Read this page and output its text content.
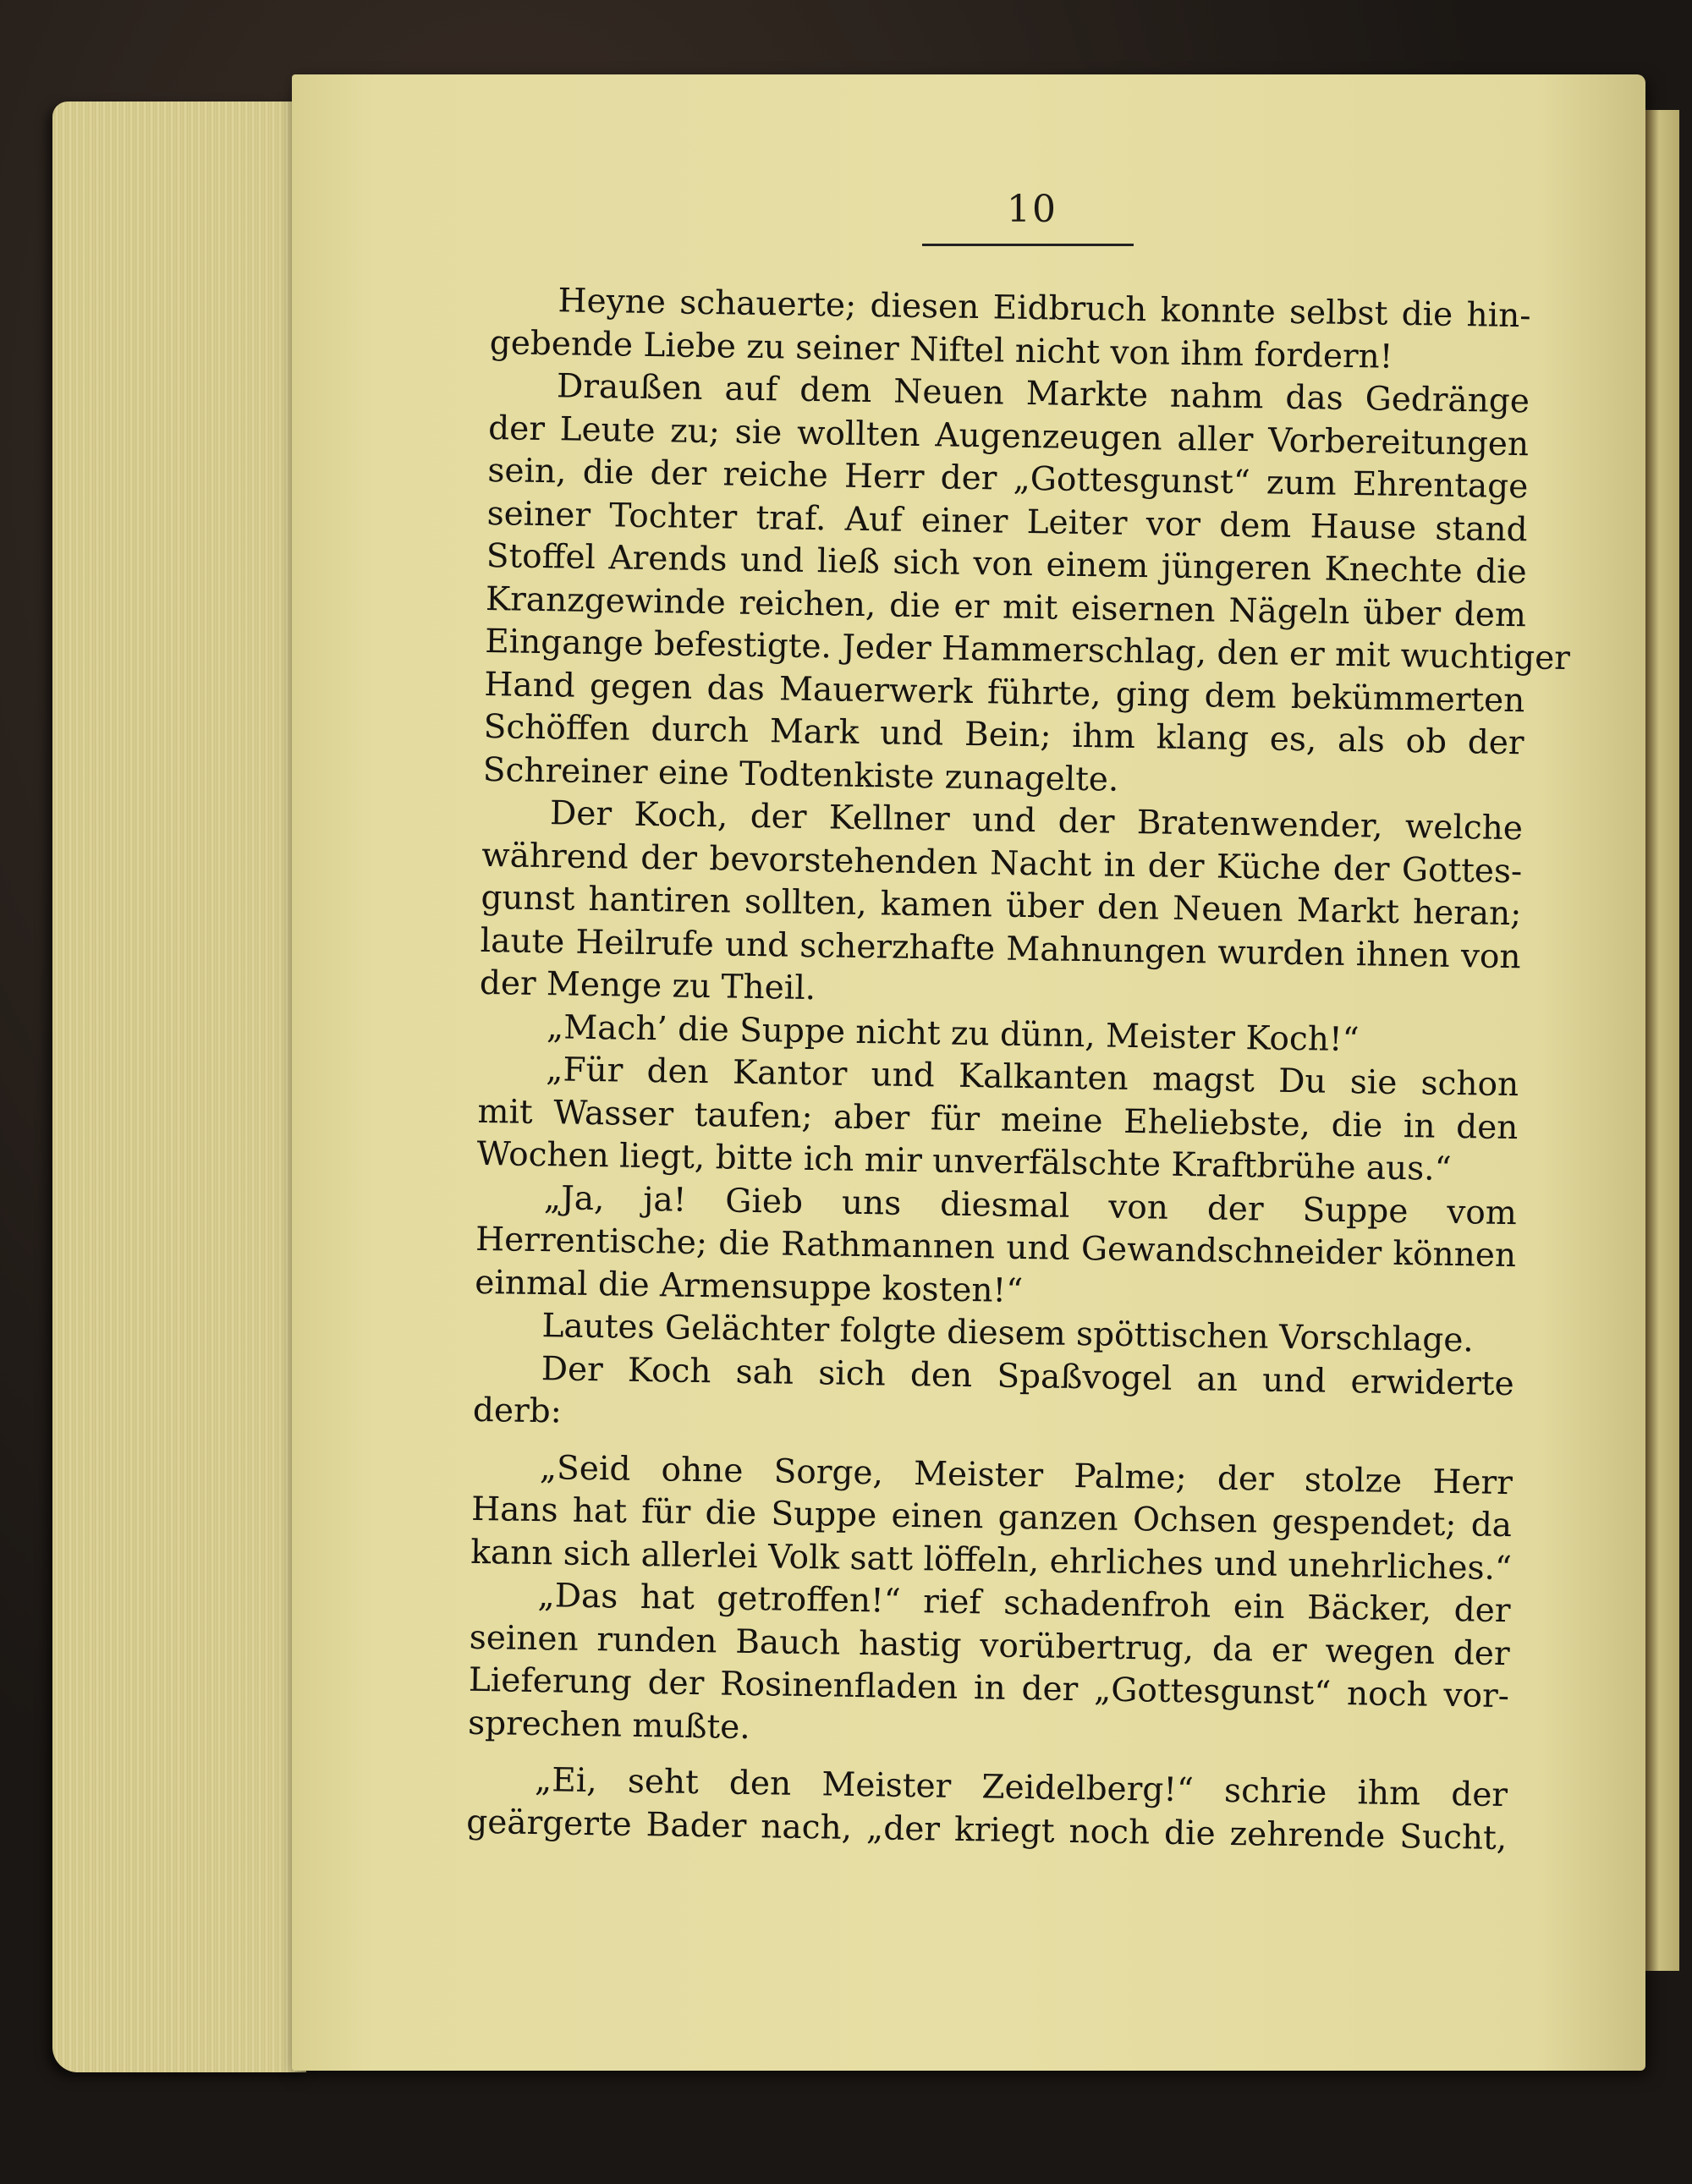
10
Heyne schauerte; diesen Eidbruch konnte selbst die hin-
gebende Liebe zu seiner Niftel nicht von ihm fordern!
Draußen auf dem Neuen Markte nahm das Gedränge
der Leute zu; sie wollten Augenzeugen aller Vorbereitungen
sein, die der reiche Herr der „Gottesgunst“ zum Ehrentage
seiner Tochter traf. Auf einer Leiter vor dem Hause stand
Stoffel Arends und ließ sich von einem jüngeren Knechte die
Kranzgewinde reichen, die er mit eisernen Nägeln über dem
Eingange befestigte. Jeder Hammerschlag, den er mit wuchtiger
Hand gegen das Mauerwerk führte, ging dem bekümmerten
Schöffen durch Mark und Bein; ihm klang es, als ob der
Schreiner eine Todtenkiste zunagelte.
Der Koch, der Kellner und der Bratenwender, welche
während der bevorstehenden Nacht in der Küche der Gottes-
gunst hantiren sollten, kamen über den Neuen Markt heran;
laute Heilrufe und scherzhafte Mahnungen wurden ihnen von
der Menge zu Theil.
„Mach’ die Suppe nicht zu dünn, Meister Koch!“
„Für den Kantor und Kalkanten magst Du sie schon
mit Wasser taufen; aber für meine Eheliebste, die in den
Wochen liegt, bitte ich mir unverfälschte Kraftbrühe aus.“
„Ja, ja! Gieb uns diesmal von der Suppe vom
Herrentische; die Rathmannen und Gewandschneider können
einmal die Armensuppe kosten!“
Lautes Gelächter folgte diesem spöttischen Vorschlage.
Der Koch sah sich den Spaßvogel an und erwiderte
derb:
„Seid ohne Sorge, Meister Palme; der stolze Herr
Hans hat für die Suppe einen ganzen Ochsen gespendet; da
kann sich allerlei Volk satt löffeln, ehrliches und unehrliches.“
„Das hat getroffen!“ rief schadenfroh ein Bäcker, der
seinen runden Bauch hastig vorübertrug, da er wegen der
Lieferung der Rosinenfladen in der „Gottesgunst“ noch vor-
sprechen mußte.
„Ei, seht den Meister Zeidelberg!“ schrie ihm der
geärgerte Bader nach, „der kriegt noch die zehrende Sucht,
